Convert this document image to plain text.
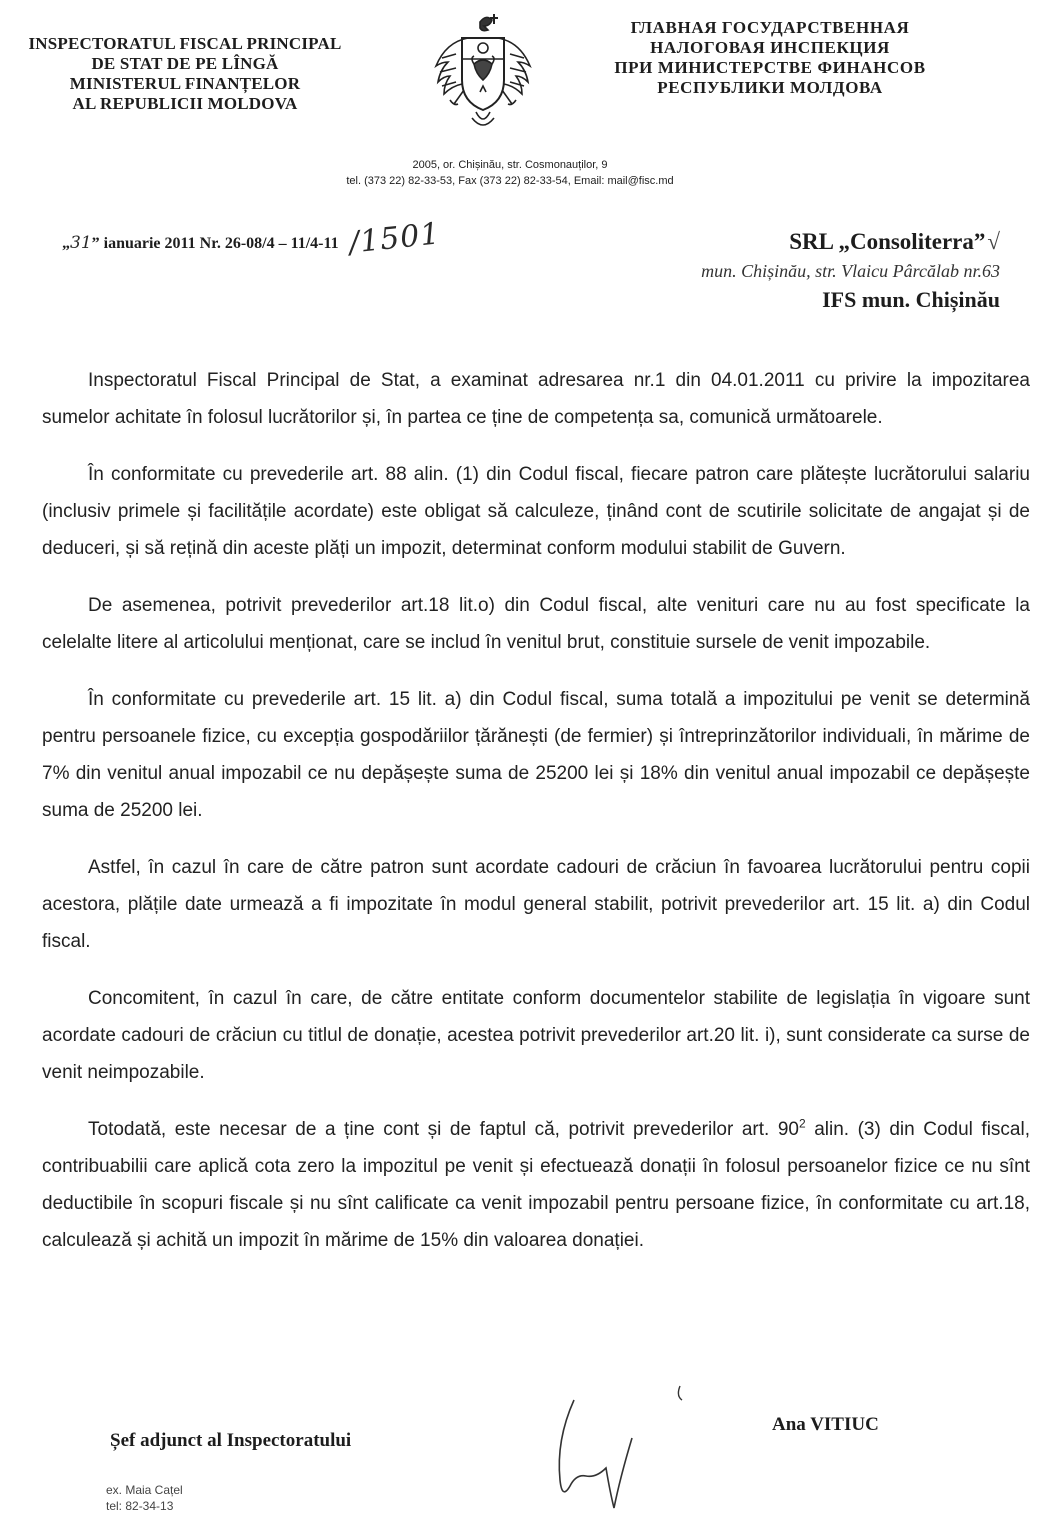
INSPECTORATUL FISCAL PRINCIPAL
DE STAT DE PE LÎNGĂ
MINISTERUL FINANȚELOR
AL REPUBLICII MOLDOVA
ГЛАВНАЯ ГОСУДАРСТВЕННАЯ
НАЛОГОВАЯ ИНСПЕКЦИЯ
ПРИ МИНИСТЕРСТВЕ ФИНАНСОВ
РЕСПУБЛИКИ МОЛДОВА
2005, or. Chișinău, str. Cosmonauților, 9
tel. (373 22) 82-33-53, Fax (373 22) 82-33-54, Email: mail@fisc.md
„31” ianuarie 2011 Nr. 26-08/4 – 11/4-11 /1501	SRL „Consoliterra”√
mun. Chișinău, str. Vlaicu Pârcălab nr.63
IFS mun. Chișinău

Inspectoratul Fiscal Principal de Stat, a examinat adresarea nr.1 din 04.01.2011 cu privire la impozitarea sumelor achitate în folosul lucrătorilor și, în partea ce ține de competența sa, comunică următoarele.

În conformitate cu prevederile art. 88 alin. (1) din Codul fiscal, fiecare patron care plătește lucrătorului salariu (inclusiv primele și facilitățile acordate) este obligat să calculeze, ținând cont de scutirile solicitate de angajat și de deduceri, și să rețină din aceste plăți un impozit, determinat conform modului stabilit de Guvern.

De asemenea, potrivit prevederilor art.18 lit.o) din Codul fiscal, alte venituri care nu au fost specificate la celelalte litere al articolului menționat, care se includ în venitul brut, constituie sursele de venit impozabile.

În conformitate cu prevederile art. 15 lit. a) din Codul fiscal, suma totală a impozitului pe venit se determină pentru persoanele fizice, cu excepția gospodăriilor țărănești (de fermier) și întreprinzătorilor individuali, în mărime de 7% din venitul anual impozabil ce nu depășește suma de 25200 lei și 18% din venitul anual impozabil ce depășește suma de 25200 lei.

Astfel, în cazul în care de către patron sunt acordate cadouri de crăciun în favoarea lucrătorului pentru copii acestora, plățile date urmează a fi impozitate în modul general stabilit, potrivit prevederilor art. 15 lit. a) din Codul fiscal.

Concomitent, în cazul în care, de către entitate conform documentelor stabilite de legislația în vigoare sunt acordate cadouri de crăciun cu titlul de donație, acestea potrivit prevederilor art.20 lit. i), sunt considerate ca surse de venit neimpozabile.

Totodată, este necesar de a ține cont și de faptul că, potrivit prevederilor art. $90^2$ alin. (3) din Codul fiscal, contribuabilii care aplică cota zero la impozitul pe venit și efectuează donații în folosul persoanelor fizice ce nu sînt deductibile în scopuri fiscale și nu sînt calificate ca venit impozabil pentru persoane fizice, în conformitate cu art.18, calculează și achită un impozit în mărime de 15% din valoarea donației.

Șef adjunct al Inspectoratului
Ana VITIUC
ex. Maia Cațel
tel: 82-34-13
